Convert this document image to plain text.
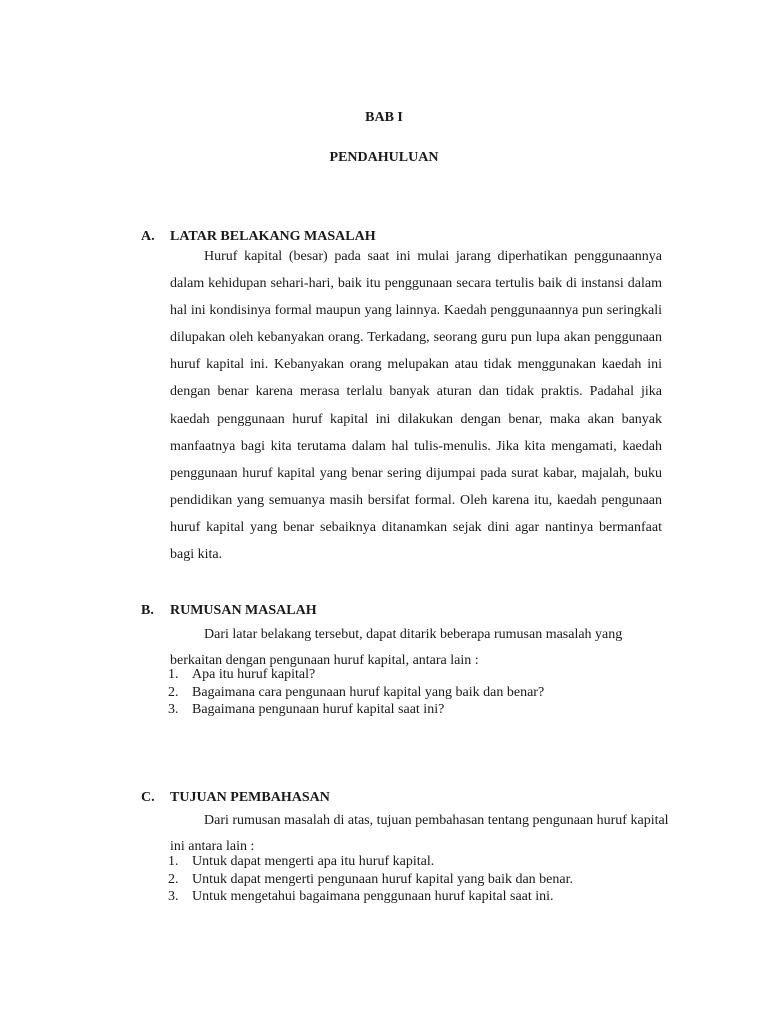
BAB I
PENDAHULUAN
A. LATAR BELAKANG MASALAH

Huruf kapital (besar) pada saat ini mulai jarang diperhatikan penggunaannya dalam kehidupan sehari-hari, baik itu penggunaan secara tertulis baik di instansi dalam hal ini kondisinya formal maupun yang lainnya. Kaedah penggunaannya pun seringkali dilupakan oleh kebanyakan orang. Terkadang, seorang guru pun lupa akan penggunaan huruf kapital ini. Kebanyakan orang melupakan atau tidak menggunakan kaedah ini dengan benar karena merasa terlalu banyak aturan dan tidak praktis. Padahal jika kaedah penggunaan huruf kapital ini dilakukan dengan benar, maka akan banyak manfaatnya bagi kita terutama dalam hal tulis-menulis. Jika kita mengamati, kaedah penggunaan huruf kapital yang benar sering dijumpai pada surat kabar, majalah, buku pendidikan yang semuanya masih bersifat formal. Oleh karena itu, kaedah pengunaan huruf kapital yang benar sebaiknya ditanamkan sejak dini agar nantinya bermanfaat bagi kita.

B. RUMUSAN MASALAH

Dari latar belakang tersebut, dapat ditarik beberapa rumusan masalah yang berkaitan dengan pengunaan huruf kapital, antara lain :

1. Apa itu huruf kapital?
2. Bagaimana cara pengunaan huruf kapital yang baik dan benar?
3. Bagaimana pengunaan huruf kapital saat ini?
C. TUJUAN PEMBAHASAN

Dari rumusan masalah di atas, tujuan pembahasan tentang pengunaan huruf kapital ini antara lain :

1. Untuk dapat mengerti apa itu huruf kapital.
2. Untuk dapat mengerti pengunaan huruf kapital yang baik dan benar.
3. Untuk mengetahui bagaimana penggunaan huruf kapital saat ini.
